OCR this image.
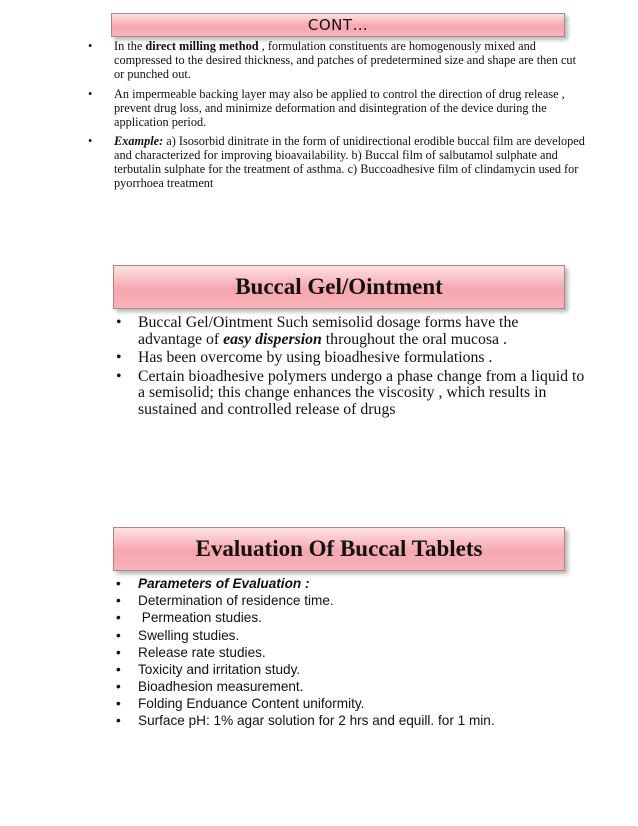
CONT…
• In the direct milling method , formulation constituents are homogenously mixed and compressed to the desired thickness, and patches of predetermined size and shape are then cut or punched out.
• An impermeable backing layer may also be applied to control the direction of drug release , prevent drug loss, and minimize deformation and disintegration of the device during the application period.
• Example: a) Isosorbid dinitrate in the form of unidirectional erodible buccal film are developed and characterized for improving bioavailability. b) Buccal film of salbutamol sulphate and terbutalin sulphate for the treatment of asthma. c) Buccoadhesive film of clindamycin used for pyorrhoea treatment
Buccal Gel/Ointment
• Buccal Gel/Ointment Such semisolid dosage forms have the advantage of easy dispersion throughout the oral mucosa .
• Has been overcome by using bioadhesive formulations .
• Certain bioadhesive polymers undergo a phase change from a liquid to a semisolid; this change enhances the viscosity , which results in sustained and controlled release of drugs
Evaluation Of Buccal Tablets
• Parameters of Evaluation :
• Determination of residence time.
• Permeation studies.
• Swelling studies.
• Release rate studies.
• Toxicity and irritation study.
• Bioadhesion measurement.
• Folding Enduance Content uniformity.
• Surface pH: 1% agar solution for 2 hrs and equill. for 1 min.
